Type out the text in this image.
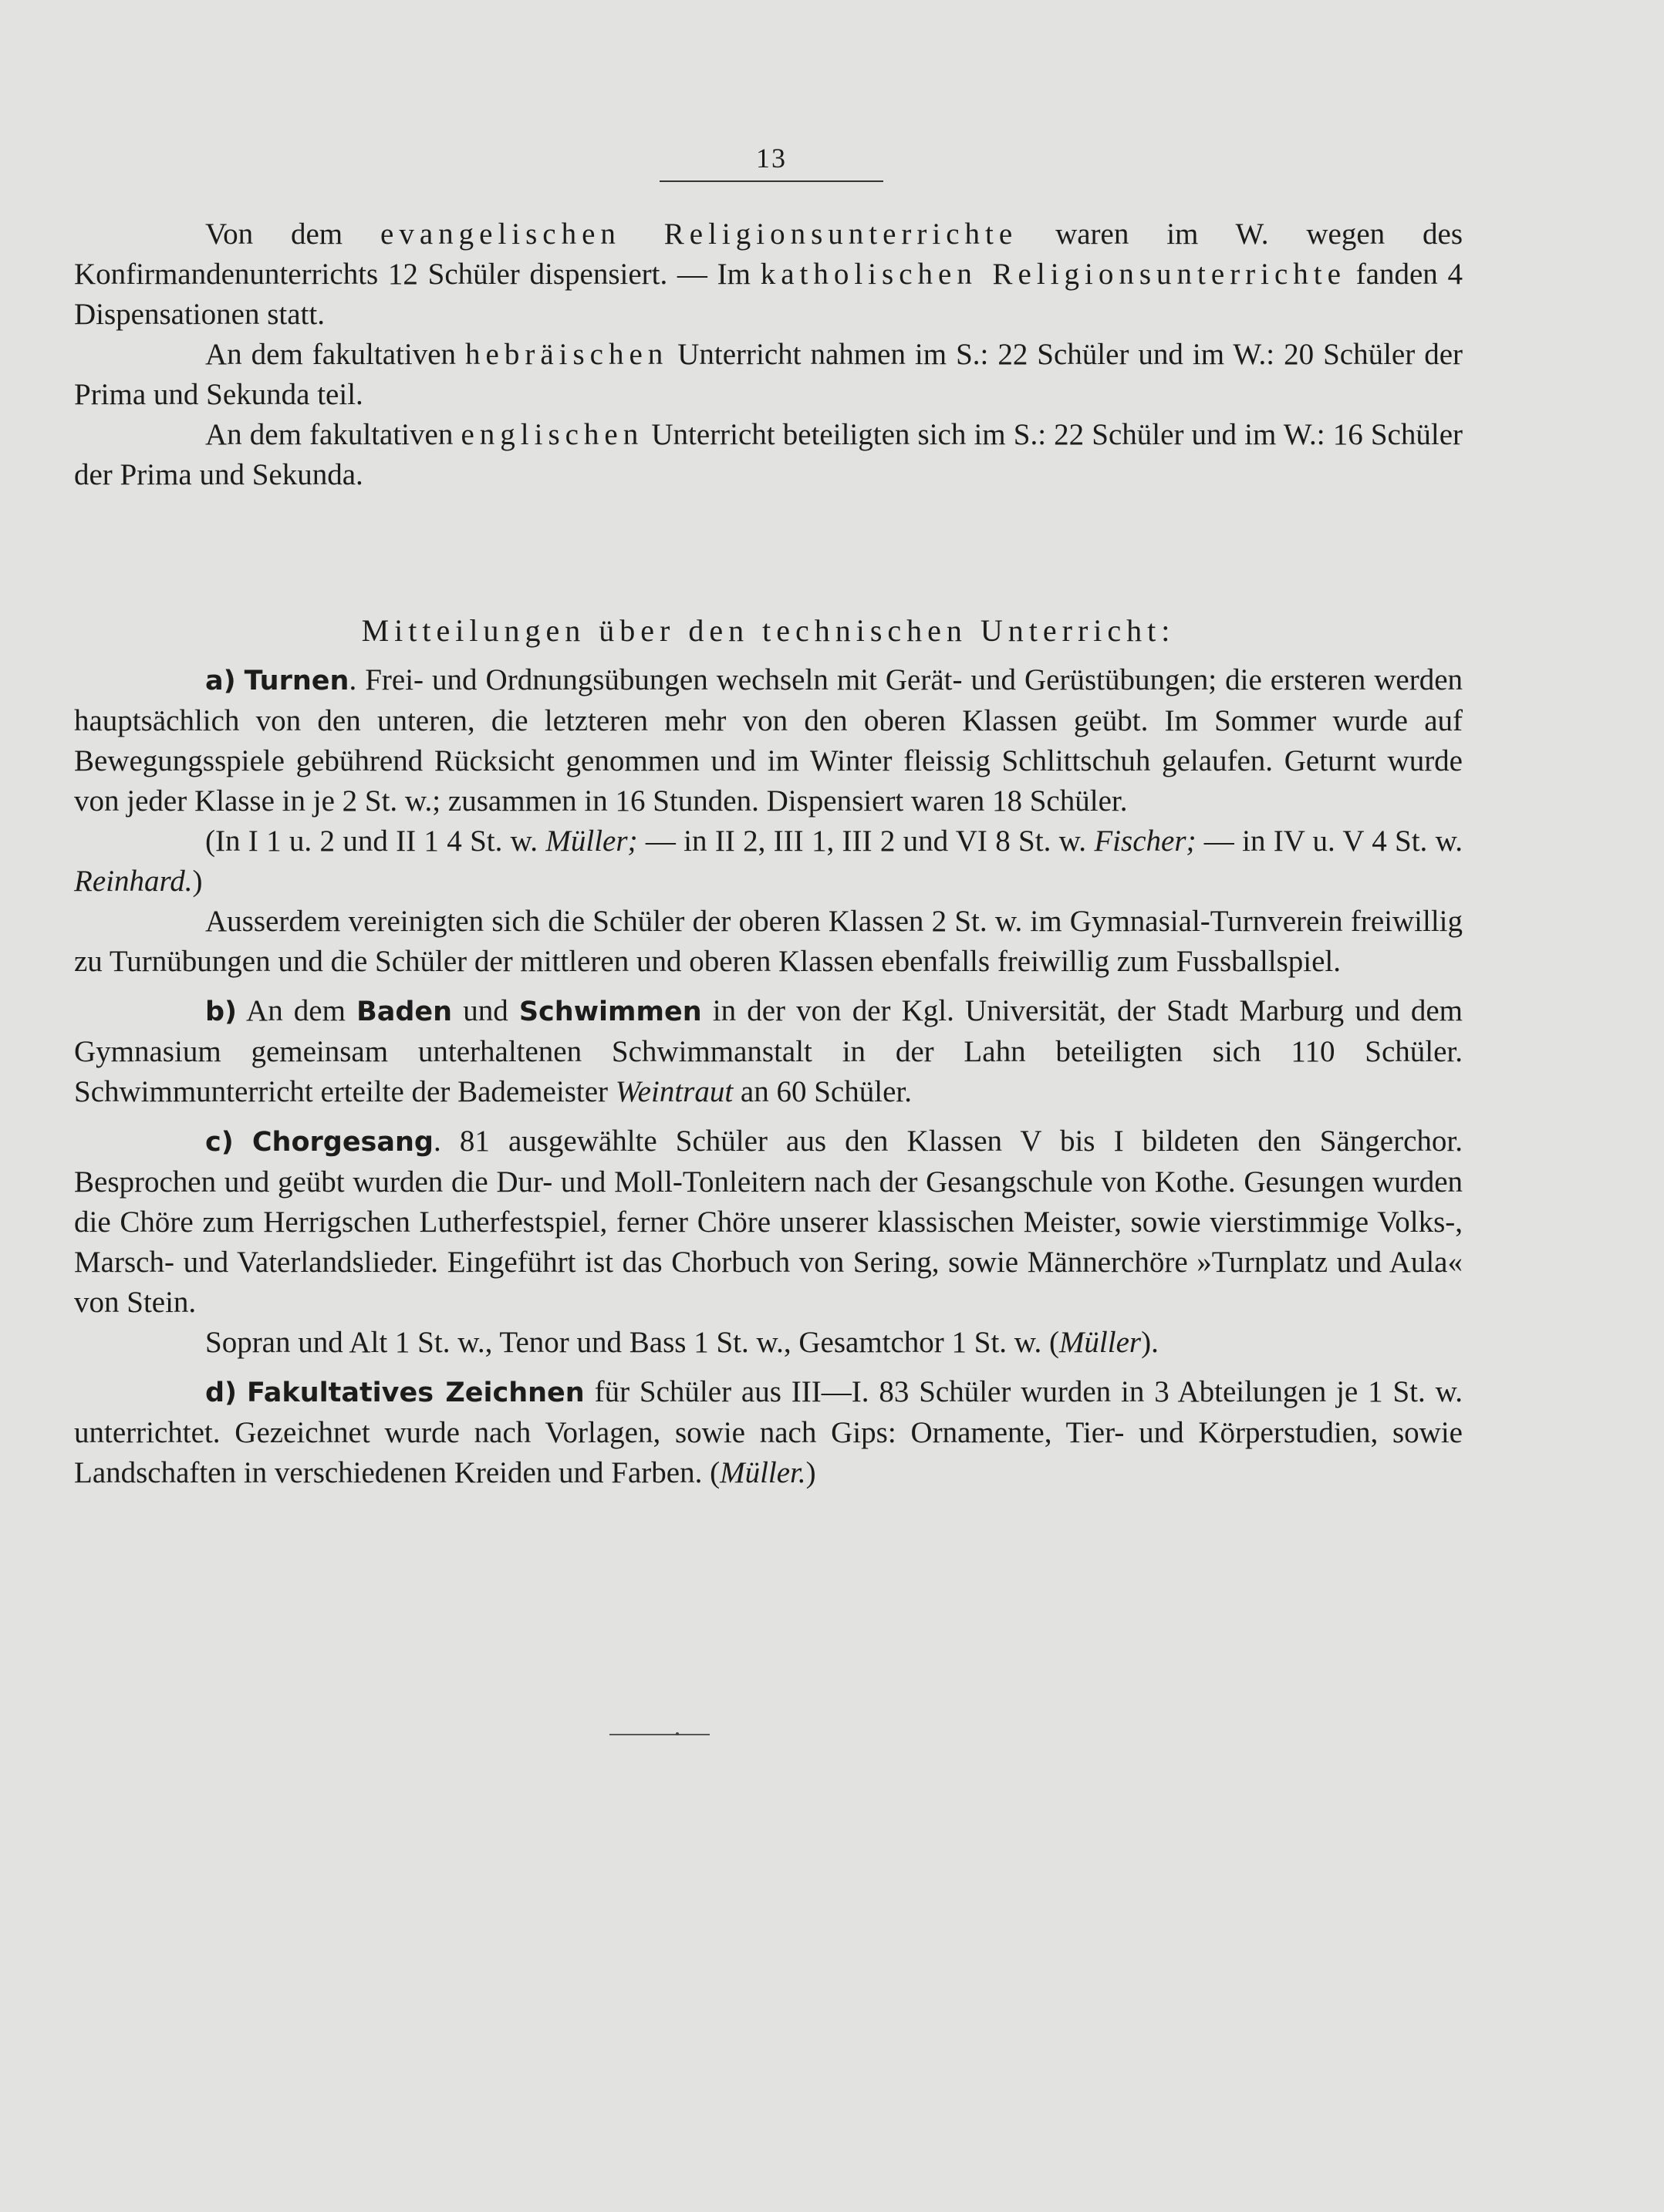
13

Von dem evangelischen Religionsunterrichte waren im W. wegen des Konfirmandenunterrichts 12 Schüler dispensiert. — Im katholischen Religionsunterrichte fanden 4 Dispensationen statt.

An dem fakultativen hebräischen Unterricht nahmen im S.: 22 Schüler und im W.: 20 Schüler der Prima und Sekunda teil.

An dem fakultativen englischen Unterricht beteiligten sich im S.: 22 Schüler und im W.: 16 Schüler der Prima und Sekunda.

Mitteilungen über den technischen Unterricht:

a) Turnen. Frei- und Ordnungsübungen wechseln mit Gerät- und Gerüstübungen; die ersteren werden hauptsächlich von den unteren, die letzteren mehr von den oberen Klassen geübt. Im Sommer wurde auf Bewegungsspiele gebührend Rücksicht genommen und im Winter fleissig Schlittschuh gelaufen. Geturnt wurde von jeder Klasse in je 2 St. w.; zusammen in 16 Stunden. Dispensiert waren 18 Schüler.

(In I 1 u. 2 und II 1 4 St. w. Müller; — in II 2, III 1, III 2 und VI 8 St. w. Fischer; — in IV u. V 4 St. w. Reinhard.)

Ausserdem vereinigten sich die Schüler der oberen Klassen 2 St. w. im Gymnasial-Turnverein freiwillig zu Turnübungen und die Schüler der mittleren und oberen Klassen ebenfalls freiwillig zum Fussballspiel.

b) An dem Baden und Schwimmen in der von der Kgl. Universität, der Stadt Marburg und dem Gymnasium gemeinsam unterhaltenen Schwimmanstalt in der Lahn beteiligten sich 110 Schüler. Schwimmunterricht erteilte der Bademeister Weintraut an 60 Schüler.

c) Chorgesang. 81 ausgewählte Schüler aus den Klassen V bis I bildeten den Sängerchor. Besprochen und geübt wurden die Dur- und Moll-Tonleitern nach der Gesangschule von Kothe. Gesungen wurden die Chöre zum Herrigschen Lutherfestspiel, ferner Chöre unserer klassischen Meister, sowie vierstimmige Volks-, Marsch- und Vaterlandslieder. Eingeführt ist das Chorbuch von Sering, sowie Männerchöre »Turnplatz und Aula« von Stein.

Sopran und Alt 1 St. w., Tenor und Bass 1 St. w., Gesamtchor 1 St. w. (Müller).

d) Fakultatives Zeichnen für Schüler aus III—I. 83 Schüler wurden in 3 Abteilungen je 1 St. w. unterrichtet. Gezeichnet wurde nach Vorlagen, sowie nach Gips: Ornamente, Tier- und Körperstudien, sowie Landschaften in verschiedenen Kreiden und Farben. (Müller.)
